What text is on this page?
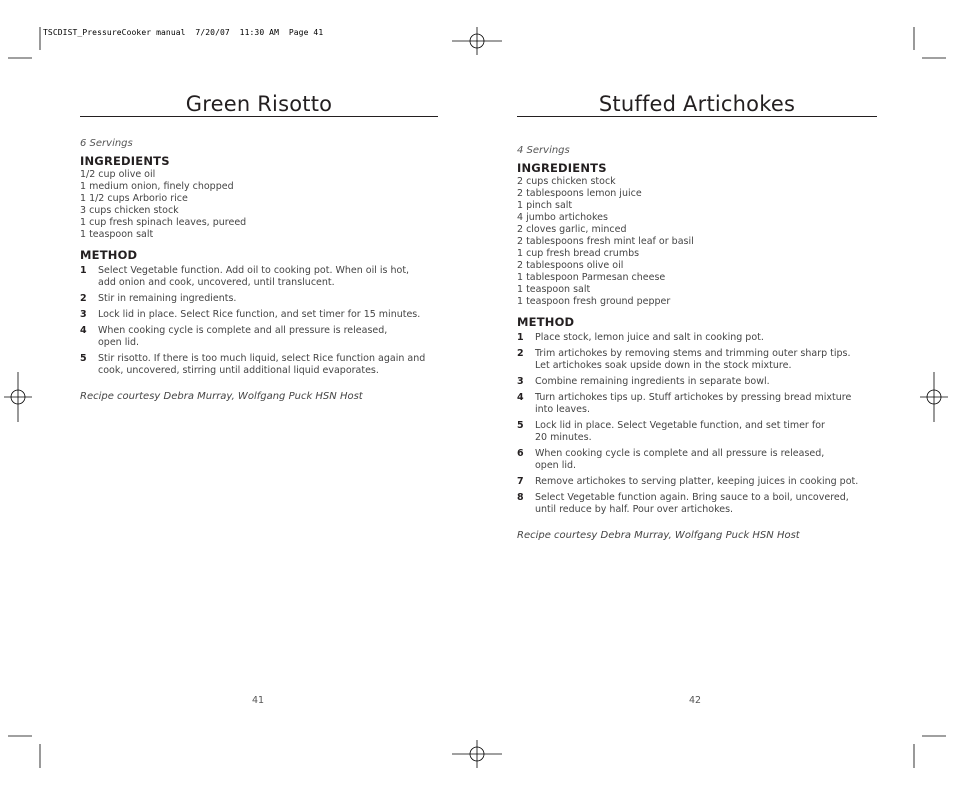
TSCDIST_PressureCooker manual  7/20/07  11:30 AM  Page 41
Green Risotto

6 Servings

INGREDIENTS
1/2 cup olive oil
1 medium onion, finely chopped
1 1/2 cups Arborio rice
3 cups chicken stock
1 cup fresh spinach leaves, pureed
1 teaspoon salt
METHOD
1	Select Vegetable function. Add oil to cooking pot. When oil is hot,
add onion and cook, uncovered, until translucent.
2	Stir in remaining ingredients.
3	Lock lid in place. Select Rice function, and set timer for 15 minutes.
4	When cooking cycle is complete and all pressure is released,
open lid.
5	Stir risotto. If there is too much liquid, select Rice function again and
cook, uncovered, stirring until additional liquid evaporates.

Recipe courtesy Debra Murray, Wolfgang Puck HSN Host

Stuffed Artichokes

4 Servings

INGREDIENTS
2 cups chicken stock
2 tablespoons lemon juice
1 pinch salt
4 jumbo artichokes
2 cloves garlic, minced
2 tablespoons fresh mint leaf or basil
1 cup fresh bread crumbs
2 tablespoons olive oil
1 tablespoon Parmesan cheese
1 teaspoon salt
1 teaspoon fresh ground pepper
METHOD
1	Place stock, lemon juice and salt in cooking pot.
2	Trim artichokes by removing stems and trimming outer sharp tips.
Let artichokes soak upside down in the stock mixture.
3	Combine remaining ingredients in separate bowl.
4	Turn artichokes tips up. Stuff artichokes by pressing bread mixture
into leaves.
5	Lock lid in place. Select Vegetable function, and set timer for
20 minutes.
6	When cooking cycle is complete and all pressure is released,
open lid.
7	Remove artichokes to serving platter, keeping juices in cooking pot.
8	Select Vegetable function again. Bring sauce to a boil, uncovered,
until reduce by half. Pour over artichokes.

Recipe courtesy Debra Murray, Wolfgang Puck HSN Host

41	42
